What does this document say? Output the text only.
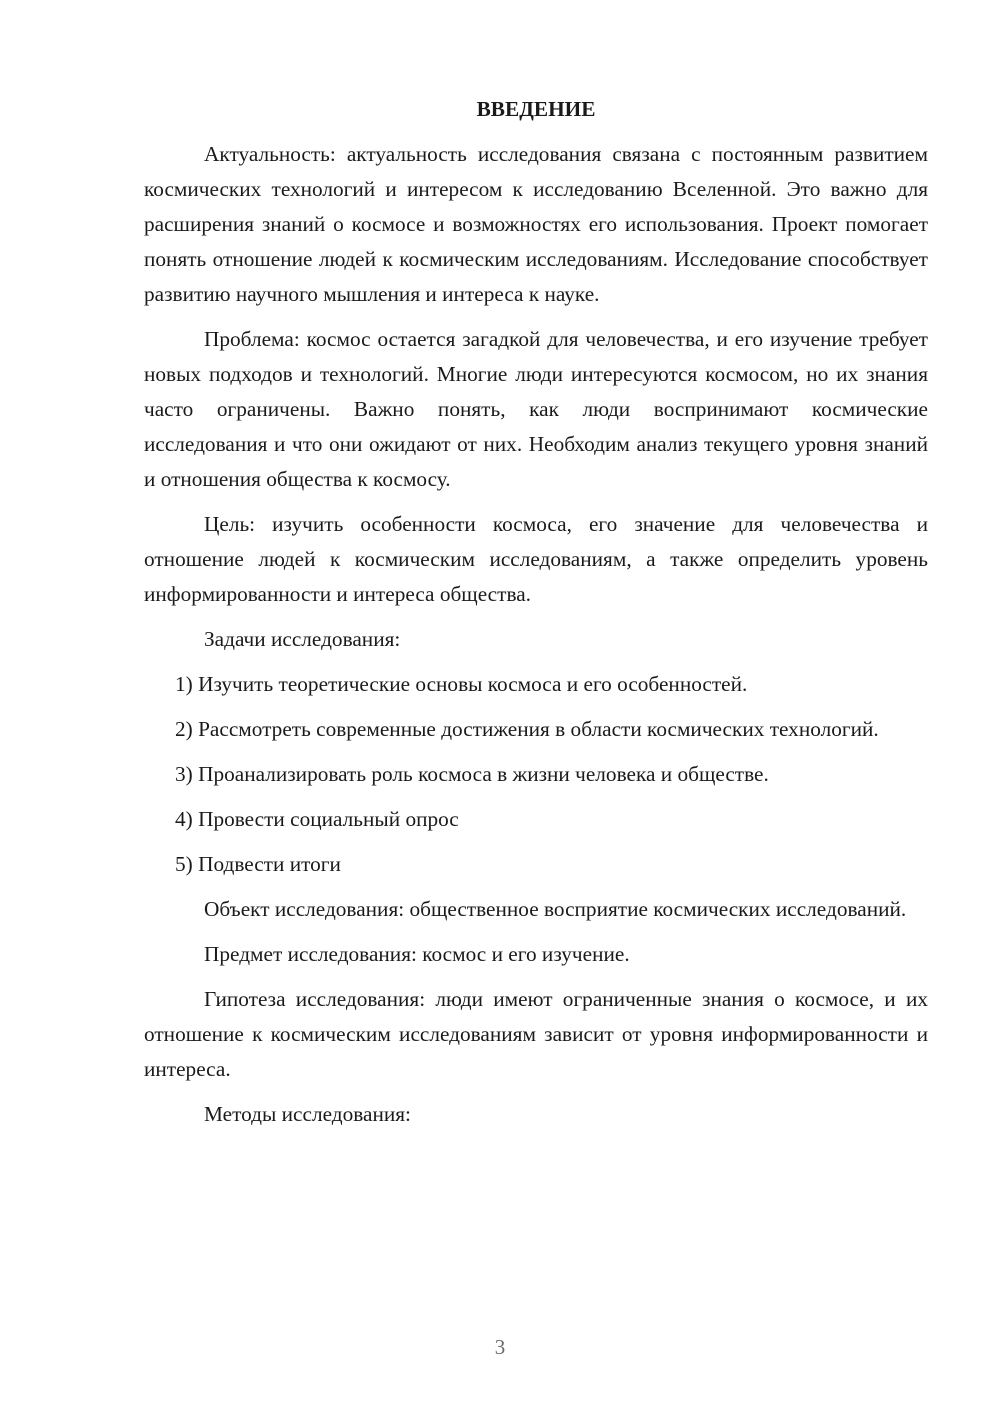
ВВЕДЕНИЕ

Актуальность: актуальность исследования связана с постоянным развитием космических технологий и интересом к исследованию Вселенной. Это важно для расширения знаний о космосе и возможностях его использования. Проект помогает понять отношение людей к космическим исследованиям. Исследование способствует развитию научного мышления и интереса к науке.

Проблема: космос остается загадкой для человечества, и его изучение требует новых подходов и технологий. Многие люди интересуются космосом, но их знания часто ограничены. Важно понять, как люди воспринимают космические исследования и что они ожидают от них. Необходим анализ текущего уровня знаний и отношения общества к космосу.

Цель: изучить особенности космоса, его значение для человечества и отношение людей к космическим исследованиям, а также определить уровень информированности и интереса общества.

Задачи исследования:

1) Изучить теоретические основы космоса и его особенностей.

2) Рассмотреть современные достижения в области космических технологий.

3) Проанализировать роль космоса в жизни человека и обществе.

4) Провести социальный опрос

5) Подвести итоги

Объект исследования: общественное восприятие космических исследований.

Предмет исследования: космос и его изучение.

Гипотеза исследования: люди имеют ограниченные знания о космосе, и их отношение к космическим исследованиям зависит от уровня информированности и интереса.

Методы исследования:

3
